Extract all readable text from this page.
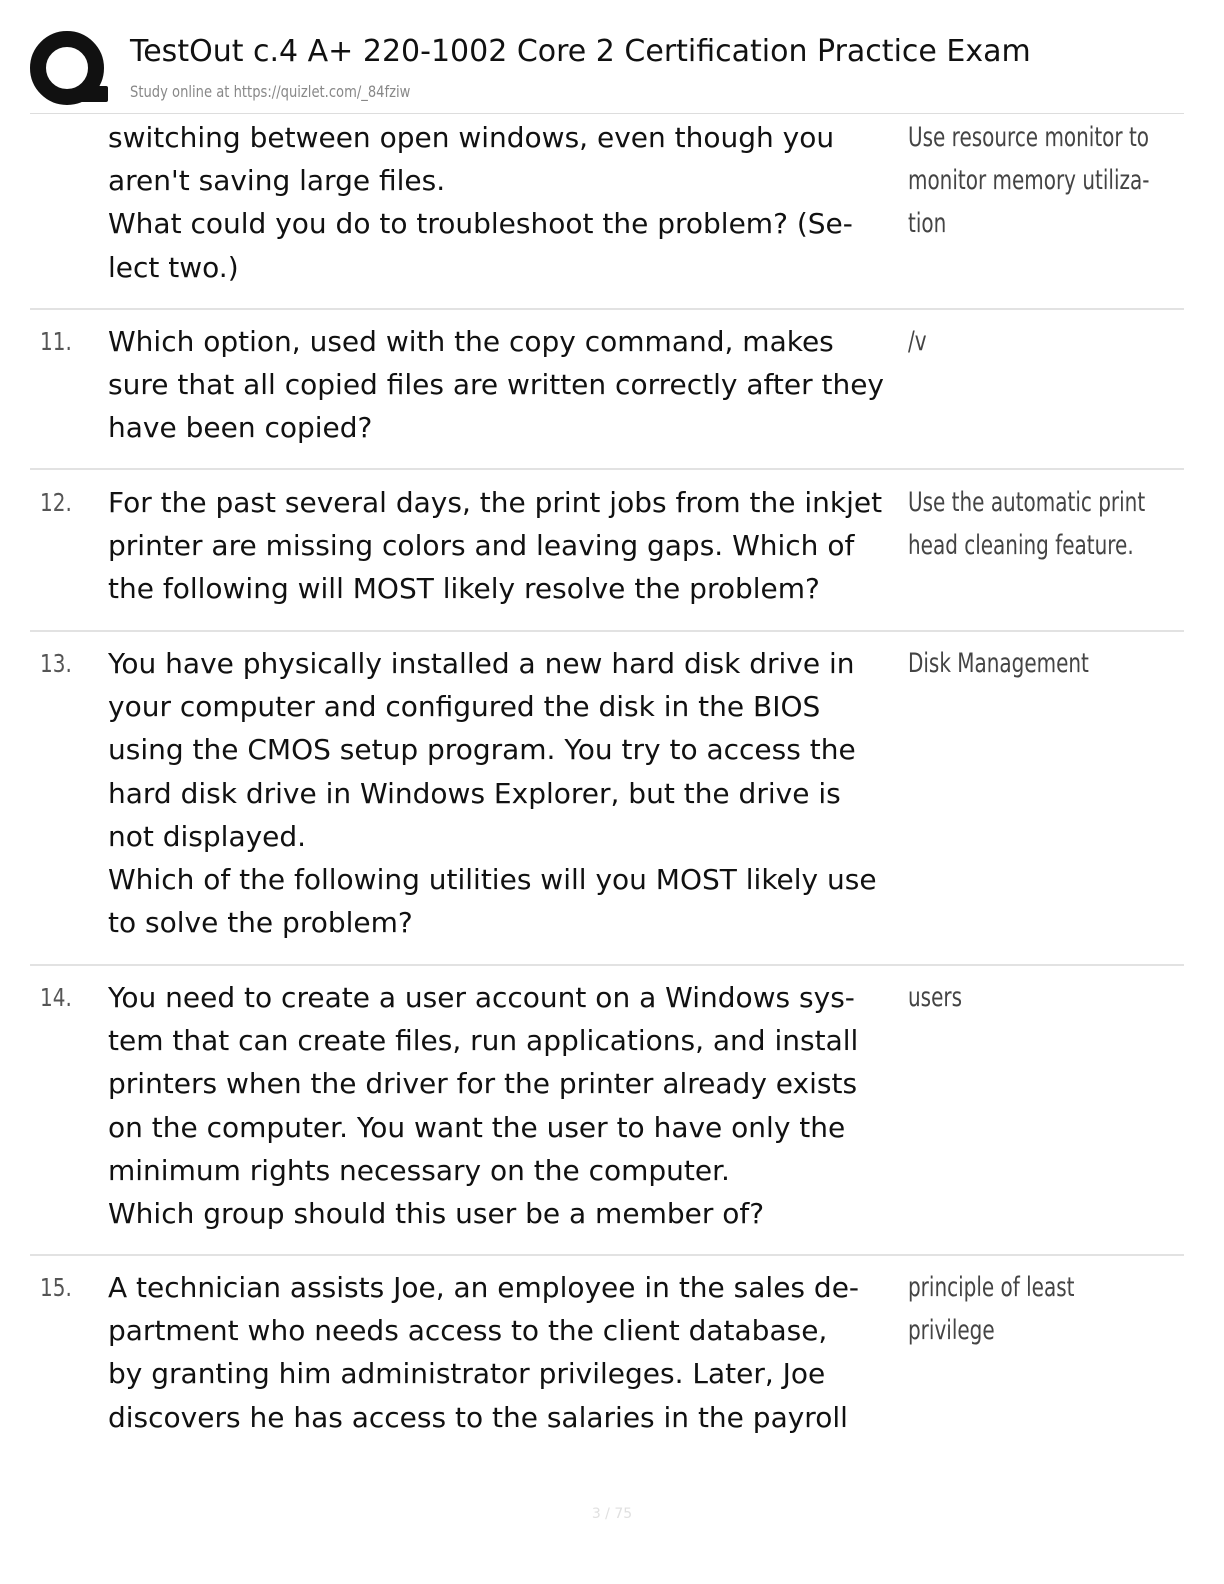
TestOut c.4 A+ 220-1002 Core 2 Certification Practice Exam
Study online at https://quizlet.com/_84fziw
switching between open windows, even though you
aren't saving large files.
What could you do to troubleshoot the problem? (Se-
lect two.)
Use resource monitor to
monitor memory utiliza-
tion
11. Which option, used with the copy command, makes
sure that all copied files are written correctly after they
have been copied?
/v
12. For the past several days, the print jobs from the inkjet
printer are missing colors and leaving gaps. Which of
the following will MOST likely resolve the problem?
Use the automatic print
head cleaning feature.
13. You have physically installed a new hard disk drive in
your computer and configured the disk in the BIOS
using the CMOS setup program. You try to access the
hard disk drive in Windows Explorer, but the drive is
not displayed.
Which of the following utilities will you MOST likely use
to solve the problem?
Disk Management
14. You need to create a user account on a Windows sys-
tem that can create files, run applications, and install
printers when the driver for the printer already exists
on the computer. You want the user to have only the
minimum rights necessary on the computer.
Which group should this user be a member of?
users
15. A technician assists Joe, an employee in the sales de-
partment who needs access to the client database,
by granting him administrator privileges. Later, Joe
discovers he has access to the salaries in the payroll
principle of least privilege
3 / 75
